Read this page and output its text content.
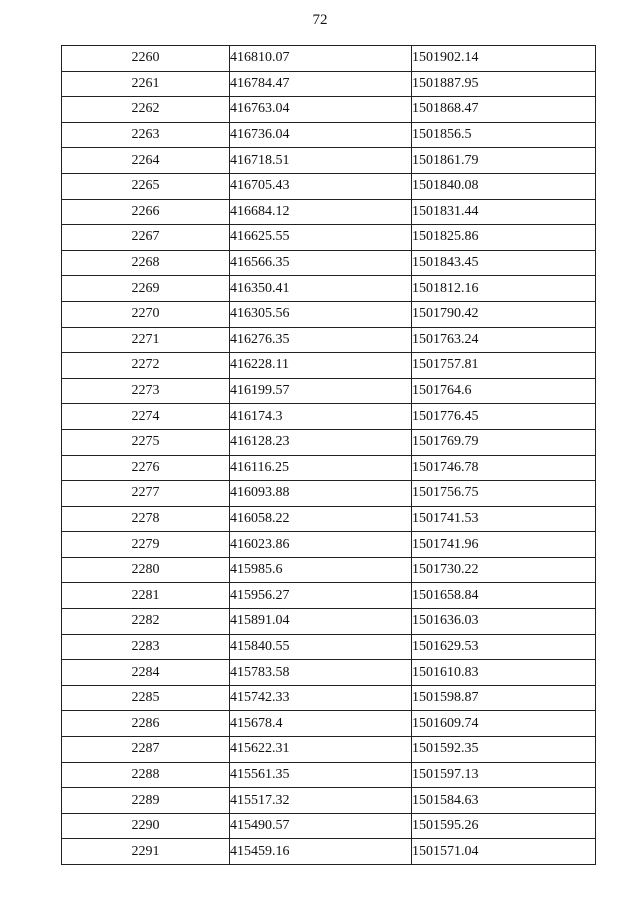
72
2260	416810.07	1501902.14
2261	416784.47	1501887.95
2262	416763.04	1501868.47
2263	416736.04	1501856.5
2264	416718.51	1501861.79
2265	416705.43	1501840.08
2266	416684.12	1501831.44
2267	416625.55	1501825.86
2268	416566.35	1501843.45
2269	416350.41	1501812.16
2270	416305.56	1501790.42
2271	416276.35	1501763.24
2272	416228.11	1501757.81
2273	416199.57	1501764.6
2274	416174.3	1501776.45
2275	416128.23	1501769.79
2276	416116.25	1501746.78
2277	416093.88	1501756.75
2278	416058.22	1501741.53
2279	416023.86	1501741.96
2280	415985.6	1501730.22
2281	415956.27	1501658.84
2282	415891.04	1501636.03
2283	415840.55	1501629.53
2284	415783.58	1501610.83
2285	415742.33	1501598.87
2286	415678.4	1501609.74
2287	415622.31	1501592.35
2288	415561.35	1501597.13
2289	415517.32	1501584.63
2290	415490.57	1501595.26
2291	415459.16	1501571.04
